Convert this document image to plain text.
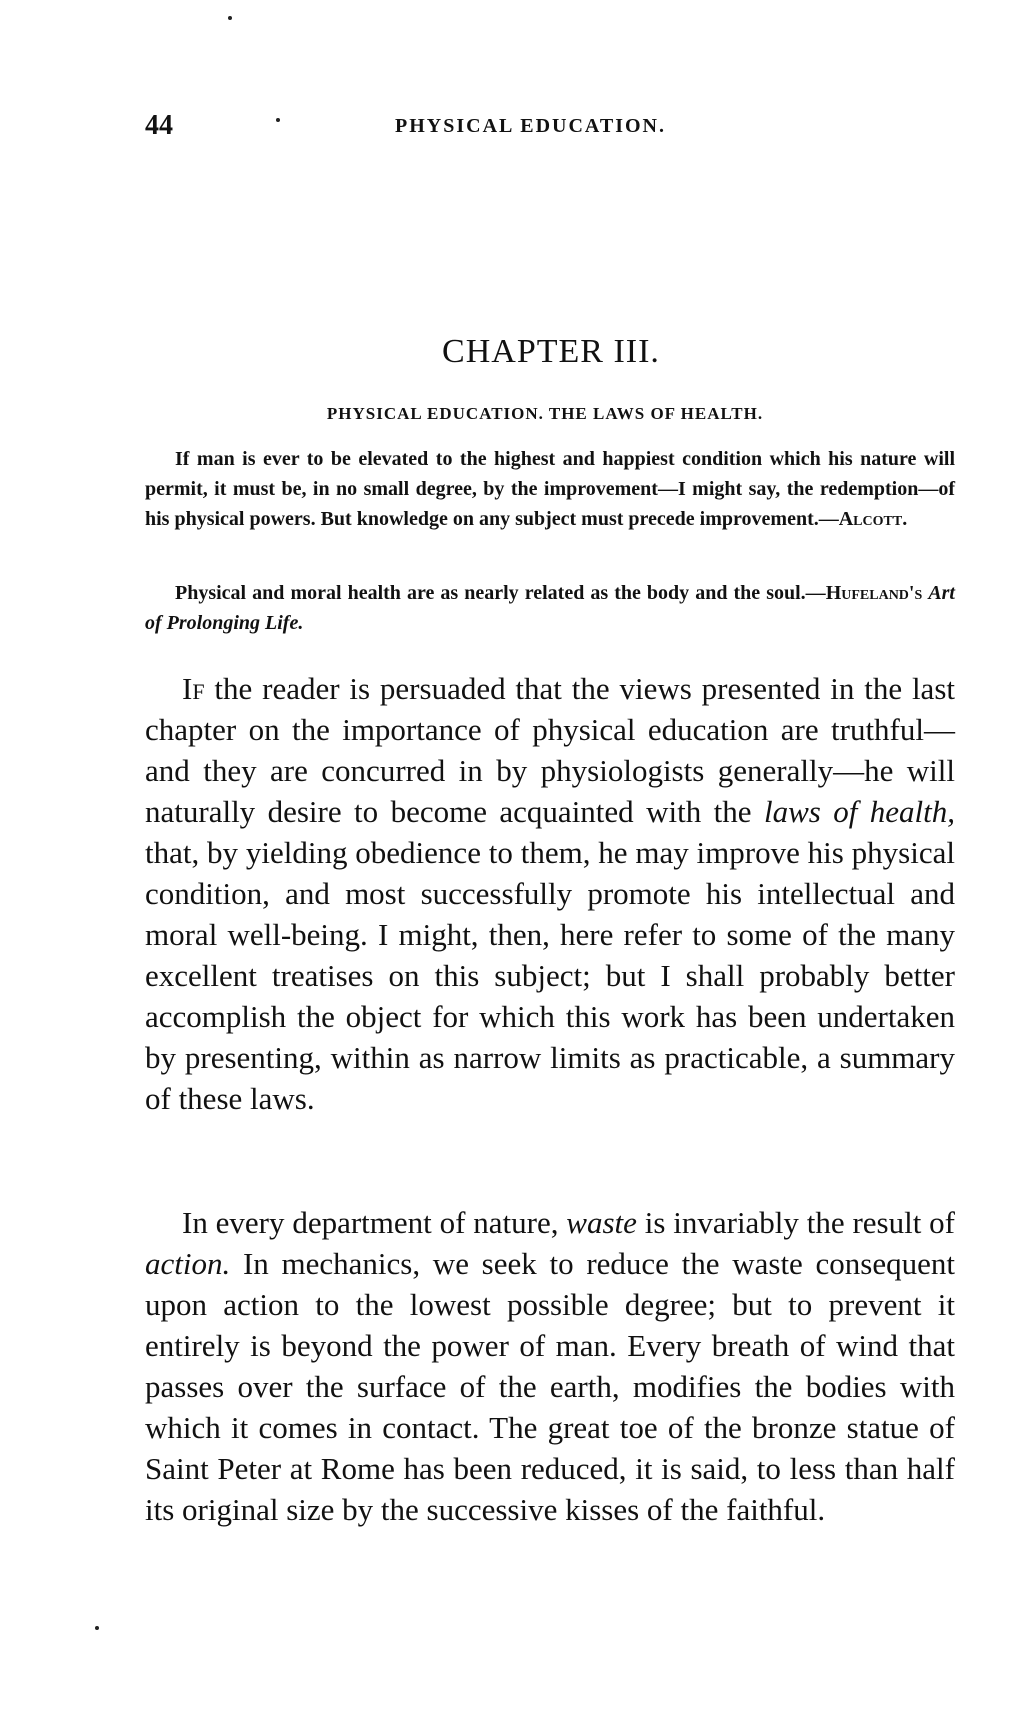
44	PHYSICAL EDUCATION.
CHAPTER III.
PHYSICAL EDUCATION. THE LAWS OF HEALTH.

If man is ever to be elevated to the highest and happiest condition which his nature will permit, it must be, in no small degree, by the improvement—I might say, the redemption—of his physical powers. But knowledge on any subject must precede improvement.—Alcott.

Physical and moral health are as nearly related as the body and the soul.—Hufeland's Art of Prolonging Life.

If the reader is persuaded that the views presented in the last chapter on the importance of physical education are truthful—and they are concurred in by physiologists generally—he will naturally desire to become acquainted with the laws of health, that, by yielding obedience to them, he may improve his physical condition, and most successfully promote his intellectual and moral well-being. I might, then, here refer to some of the many excellent treatises on this subject; but I shall probably better accomplish the object for which this work has been undertaken by presenting, within as narrow limits as practicable, a summary of these laws.

In every department of nature, waste is invariably the result of action. In mechanics, we seek to reduce the waste consequent upon action to the lowest possible degree; but to prevent it entirely is beyond the power of man. Every breath of wind that passes over the surface of the earth, modifies the bodies with which it comes in contact. The great toe of the bronze statue of Saint Peter at Rome has been reduced, it is said, to less than half its original size by the successive kisses of the faithful.
